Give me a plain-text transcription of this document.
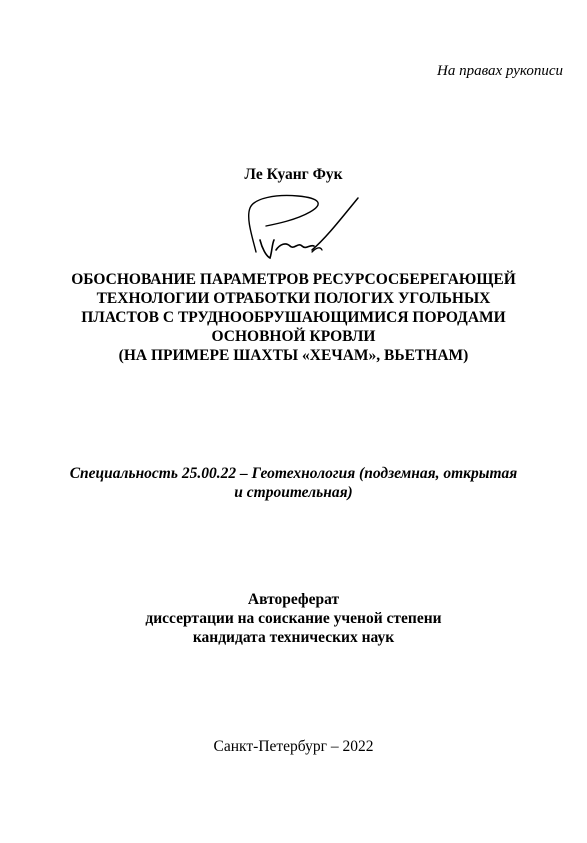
На правах рукописи
Ле Куанг Фук
ОБОСНОВАНИЕ ПАРАМЕТРОВ РЕСУРСОСБЕРЕГАЮЩЕЙ
ТЕХНОЛОГИИ ОТРАБОТКИ ПОЛОГИХ УГОЛЬНЫХ
ПЛАСТОВ С ТРУДНООБРУШАЮЩИМИСЯ ПОРОДАМИ
ОСНОВНОЙ КРОВЛИ
(НА ПРИМЕРЕ ШАХТЫ «ХЕЧАМ», ВЬЕТНАМ)
Специальность 25.00.22 – Геотехнология (подземная, открытая
и строительная)
Автореферат
диссертации на соискание ученой степени
кандидата технических наук
Санкт-Петербург – 2022
